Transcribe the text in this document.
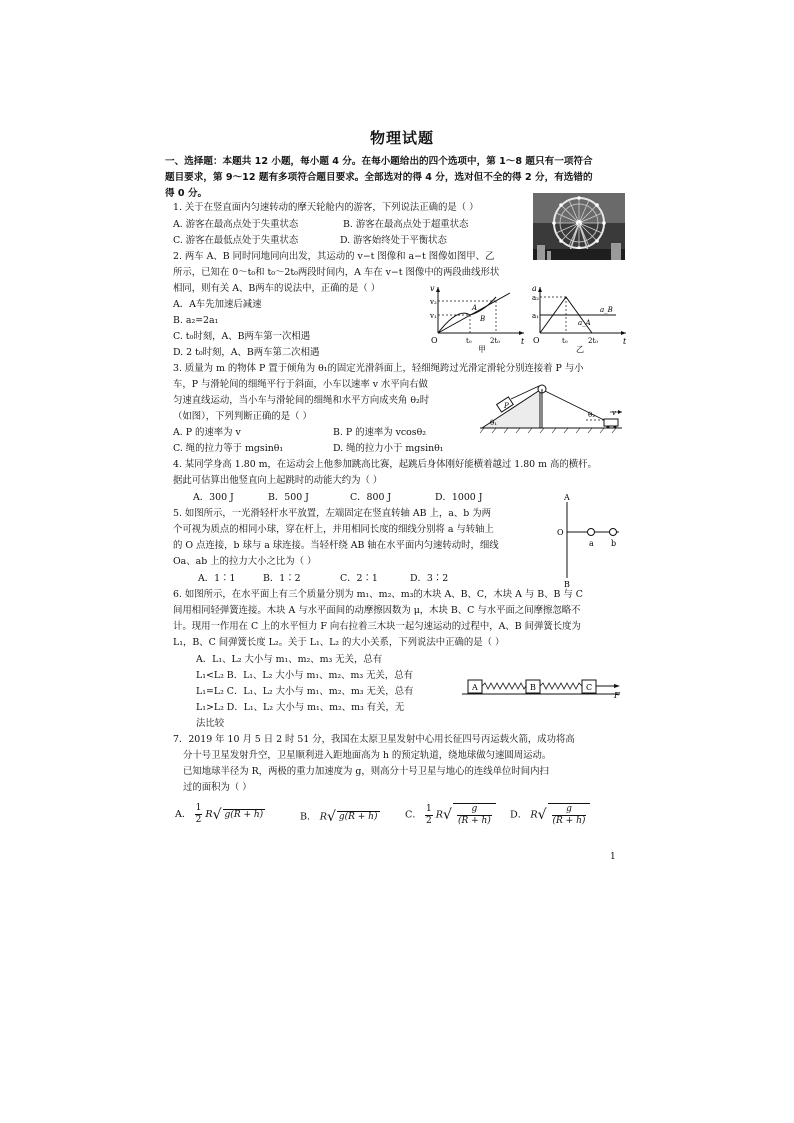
物理试题
一、选择题：本题共 12 小题，每小题 4 分。在每小题给出的四个选项中，第 1～8 题只有一项符合
题目要求，第 9～12 题有多项符合题目要求。全部选对的得 4 分，选对但不全的得 2 分，有选错的
得 0 分。
1. 关于在竖直面内匀速转动的摩天轮舱内的游客，下列说法正确的是（ ）
A. 游客在最高点处于失重状态	B. 游客在最高点处于超重状态
C. 游客在最低点处于失重状态	D. 游客始终处于平衡状态
2. 两车 A、B 同时同地同向出发，其运动的 v−t 图像和 a−t 图像如图甲、乙
所示，已知在 0～t₀和 t₀～2t₀两段时间内，A 车在 v−t 图像中的两段曲线形状
相同，则有关 A、B两车的说法中，正确的是（ ）
A．A车先加速后减速
B. a₂=2a₁
C. t₀时刻，A、B两车第一次相遇
D. 2 t₀时刻，A、B两车第二次相遇
v
t
O
v₂
v₁
t₀	2t₀
A
B
甲
a
t
O
a₂
a₁
a_B
a_A
t₀	2t₀
乙
3. 质量为 m 的物体 P 置于倾角为 θ₁的固定光滑斜面上，轻细绳跨过光滑定滑轮分别连接着 P 与小
车，P 与滑轮间的细绳平行于斜面，小车以速率 v 水平向右做
匀速直线运动，当小车与滑轮间的细绳和水平方向成夹角 θ₂时
（如图），下列判断正确的是（ ）
A. P 的速率为 v	B. P 的速率为 vcosθ₂
C. 绳的拉力等于 mgsinθ₁	D. 绳的拉力小于 mgsinθ₁
P
θ₁
θ₂ v
4. 某同学身高 1.80 m，在运动会上他参加跳高比赛，起跳后身体刚好能横着越过 1.80 m 高的横杆。
据此可估算出他竖直向上起跳时的动能大约为（ ）
A．300 J	B．500 J	C．800 J	D．1000 J
5. 如图所示，一光滑轻杆水平放置，左端固定在竖直转轴 AB 上，a、b 为两
个可视为质点的相同小球，穿在杆上，并用相同长度的细线分别将 a 与转轴上
的 O 点连接，b 球与 a 球连接。当轻杆绕 AB 轴在水平面内匀速转动时，细线
Oa、ab 上的拉力大小之比为（ ）
A．1∶1	B．1∶2	C．2∶1	D．3∶2
A
B
O
a b
6. 如图所示，在水平面上有三个质量分别为 m₁、m₂、m₃的木块 A、B、C，木块 A 与 B、B 与 C
间用相同轻弹簧连接。木块 A 与水平面间的动摩擦因数为 μ，木块 B、C 与水平面之间摩擦忽略不
计。现用一作用在 C 上的水平恒力 F 向右拉着三木块一起匀速运动的过程中，A、B 间弹簧长度为
L₁，B、C 间弹簧长度 L₂。关于 L₁、L₂ 的大小关系，下列说法中正确的是（ ）
A．L₁、L₂ 大小与 m₁、m₂、m₃ 无关，总有
L₁<L₂ B．L₁、L₂ 大小与 m₁、m₂、m₃ 无关，总有
L₁=L₂ C．L₁、L₂ 大小与 m₁、m₂、m₃ 无关，总有
L₁>L₂ D．L₁、L₂ 大小与 m₁、m₂、m₃ 有关，无
法比较
A	B	C
F
7．2019 年 10 月 5 日 2 时 51 分，我国在太原卫星发射中心用长征四号丙运载火箭，成功将高
分十号卫星发射升空，卫星顺利进入距地面高为 h 的预定轨道，绕地球做匀速圆周运动。
已知地球半径为 R，两极的重力加速度为 g，则高分十号卫星与地心的连线单位时间内扫
过的面积为（ ）
A． $\frac{1}{2} R√$ g(R + h)	B． R√ g(R + h)	C． $\frac{1}{2} R√ \frac{g}{(R + h)}$ D． $R√ \frac{g}{(R + h)}$
1
